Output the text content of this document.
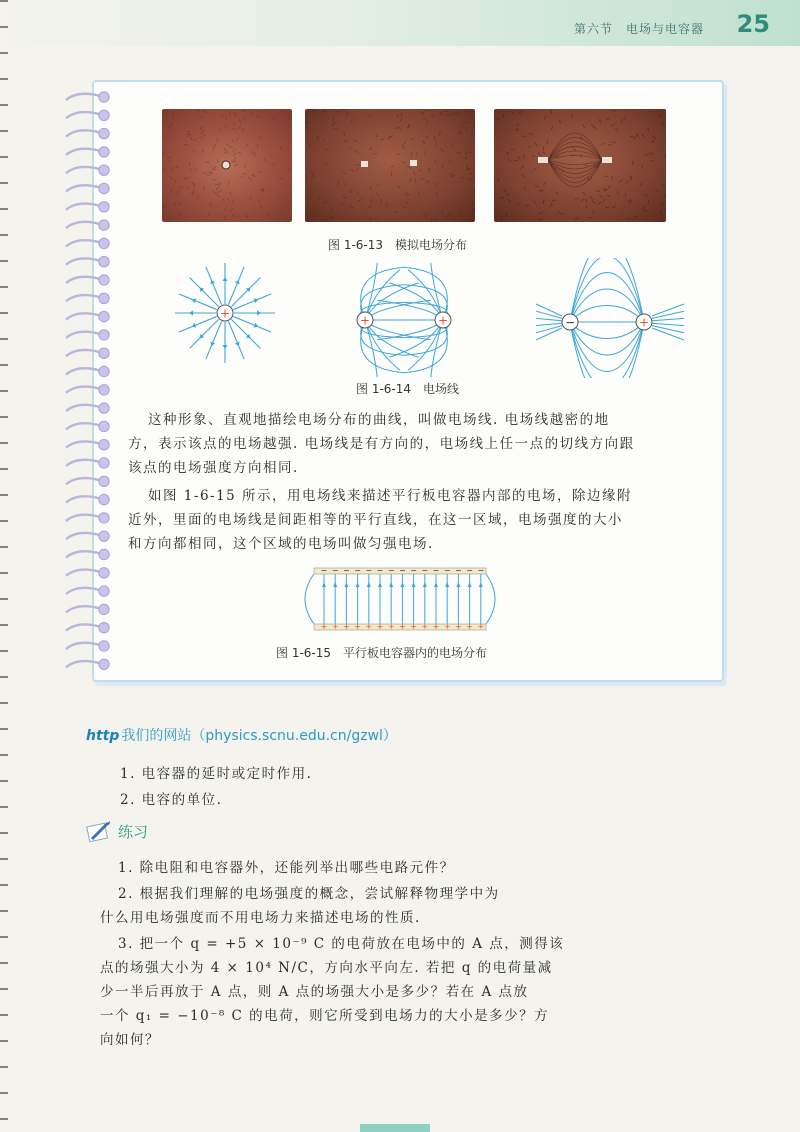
第六节　电场与电容器 25
图 1-6-13　模拟电场分布
+	+	+	−	+
图 1-6-14　电场线
这种形象、直观地描绘电场分布的曲线，叫做电场线. 电场线越密的地
方，表示该点的电场越强. 电场线是有方向的，电场线上任一点的切线方向跟
该点的电场强度方向相同.
如图 1-6-15 所示，用电场线来描述平行板电容器内部的电场，除边缘附
近外，里面的电场线是间距相等的平行直线，在这一区域，电场强度的大小
和方向都相同，这个区域的电场叫做匀强电场.
−
+
−
+
−
+
−
+
−
+
−
+
−
+
−
+
−
+
−
+
−
+
−
+
−
+
−
+
−
+
图 1-6-15　平行板电容器内的电场分布
http 我们的网站（physics.scnu.edu.cn/gzwl）
1. 电容器的延时或定时作用.
2. 电容的单位.
练习
1. 除电阻和电容器外，还能列举出哪些电路元件？
2. 根据我们理解的电场强度的概念，尝试解释物理学中为
什么用电场强度而不用电场力来描述电场的性质.
3. 把一个 q = +5 × 10⁻⁹ C 的电荷放在电场中的 A 点，测得该
点的场强大小为 4 × 10⁴ N/C，方向水平向左. 若把 q 的电荷量减
少一半后再放于 A 点，则 A 点的场强大小是多少？若在 A 点放
一个 q₁ = −10⁻⁸ C 的电荷，则它所受到电场力的大小是多少？方
向如何？
